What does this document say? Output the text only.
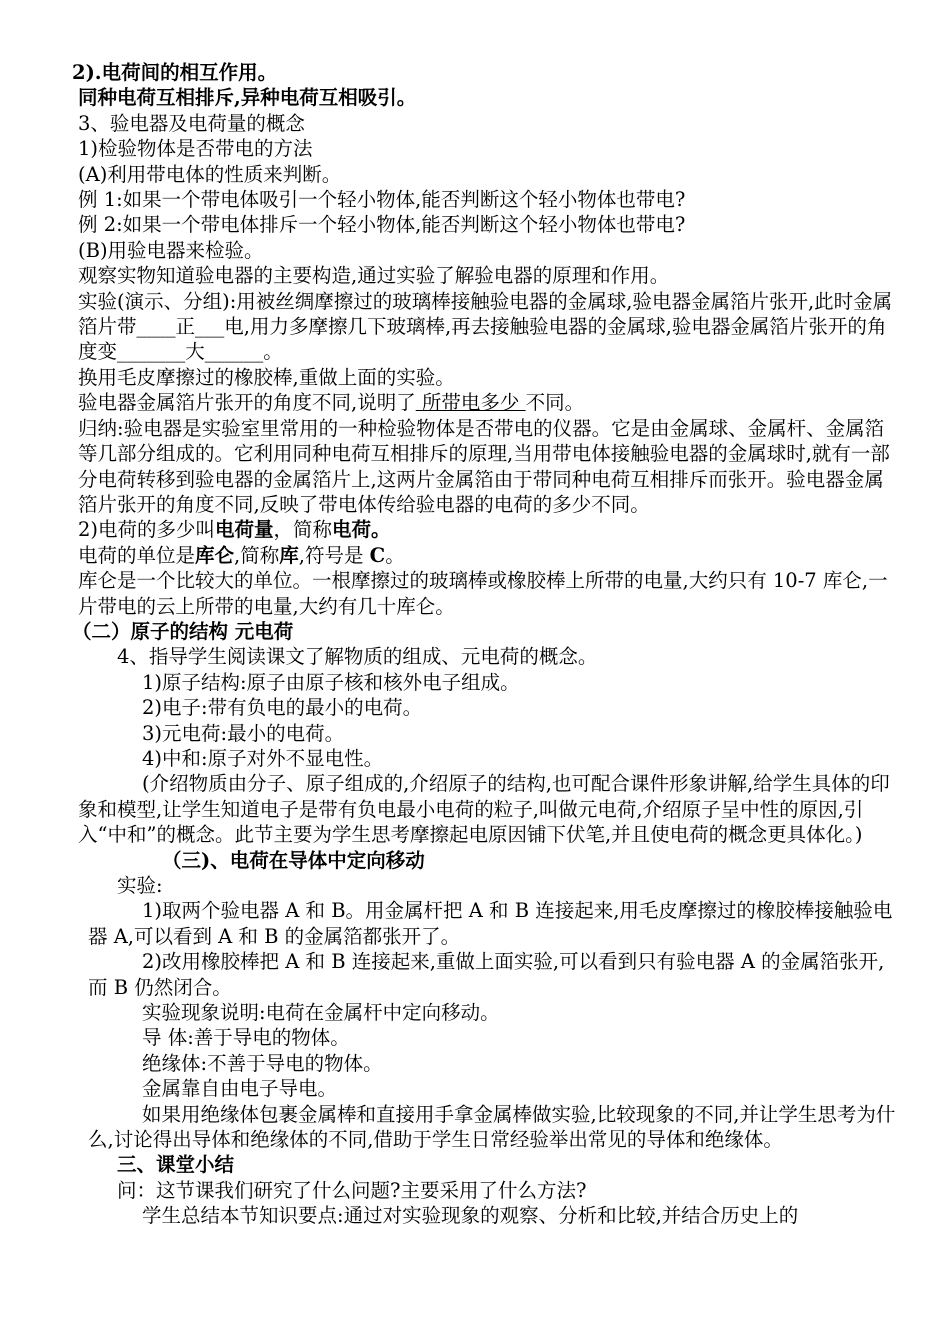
2).电荷间的相互作用。

同种电荷互相排斥,异种电荷互相吸引。

3、验电器及电荷量的概念

1)检验物体是否带电的方法

(A)利用带电体的性质来判断。

例 1:如果一个带电体吸引一个轻小物体,能否判断这个轻小物体也带电?

例 2:如果一个带电体排斥一个轻小物体,能否判断这个轻小物体也带电?

(B)用验电器来检验。

观察实物知道验电器的主要构造,通过实验了解验电器的原理和作用。

实验(演示、分组):用被丝绸摩擦过的玻璃棒接触验电器的金属球,验电器金属箔片张开,此时金属箔片带____正___电,用力多摩擦几下玻璃棒,再去接触验电器的金属球,验电器金属箔片张开的角度变_______大______。

换用毛皮摩擦过的橡胶棒,重做上面的实验。

验电器金属箔片张开的角度不同,说明了 所带电多少 不同。

归纳:验电器是实验室里常用的一种检验物体是否带电的仪器。它是由金属球、金属杆、金属箔等几部分组成的。它利用同种电荷互相排斥的原理,当用带电体接触验电器的金属球时,就有一部分电荷转移到验电器的金属箔片上,这两片金属箔由于带同种电荷互相排斥而张开。验电器金属箔片张开的角度不同,反映了带电体传给验电器的电荷的多少不同。

2)电荷的多少叫电荷量，简称电荷。

电荷的单位是库仑,简称库,符号是 C。

库仑是一个比较大的单位。一根摩擦过的玻璃棒或橡胶棒上所带的电量,大约只有 10-7 库仑,一片带电的云上所带的电量,大约有几十库仑。

（二）原子的结构 元电荷

4、指导学生阅读课文了解物质的组成、元电荷的概念。

1)原子结构:原子由原子核和核外电子组成。

2)电子:带有负电的最小的电荷。

3)元电荷:最小的电荷。

4)中和:原子对外不显电性。

(介绍物质由分子、原子组成的,介绍原子的结构,也可配合课件形象讲解,给学生具体的印象和模型,让学生知道电子是带有负电最小电荷的粒子,叫做元电荷,介绍原子呈中性的原因,引入“中和”的概念。此节主要为学生思考摩擦起电原因铺下伏笔,并且使电荷的概念更具体化。)

（三)、电荷在导体中定向移动

实验:

1)取两个验电器 A 和 B。用金属杆把 A 和 B 连接起来,用毛皮摩擦过的橡胶棒接触验电器 A,可以看到 A 和 B 的金属箔都张开了。

2)改用橡胶棒把 A 和 B 连接起来,重做上面实验,可以看到只有验电器 A 的金属箔张开,而 B 仍然闭合。

实验现象说明:电荷在金属杆中定向移动。

导 体:善于导电的物体。

绝缘体:不善于导电的物体。

金属靠自由电子导电。

如果用绝缘体包裹金属棒和直接用手拿金属棒做实验,比较现象的不同,并让学生思考为什么,讨论得出导体和绝缘体的不同,借助于学生日常经验举出常见的导体和绝缘体。

三、课堂小结

问：这节课我们研究了什么问题?主要采用了什么方法?

学生总结本节知识要点:通过对实验现象的观察、分析和比较,并结合历史上的
